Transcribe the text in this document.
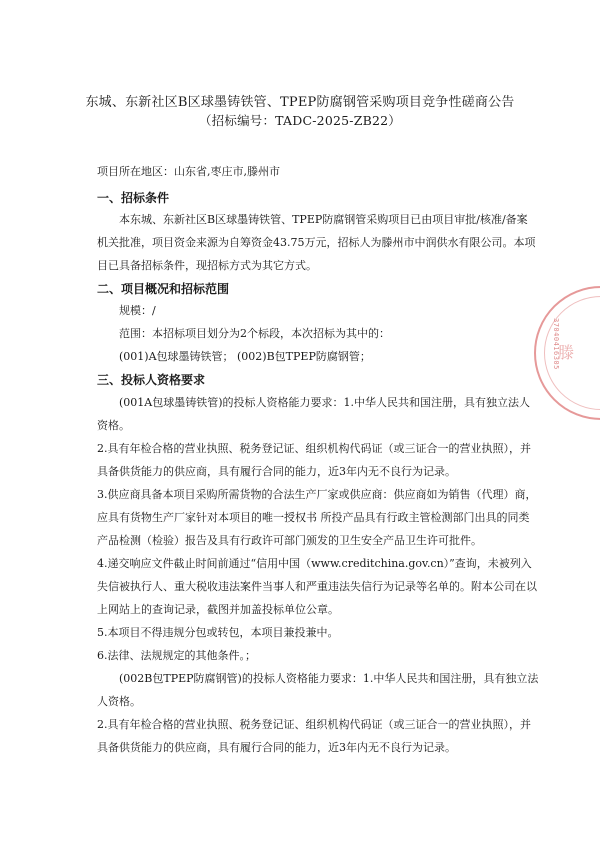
东城、东新社区B区球墨铸铁管、TPEP防腐钢管采购项目竞争性磋商公告
（招标编号：TADC-2025-ZB22）
项目所在地区：山东省,枣庄市,滕州市
一、招标条件
本东城、东新社区B区球墨铸铁管、TPEP防腐钢管采购项目已由项目审批/核准/备案
机关批准，项目资金来源为自筹资金43.75万元，招标人为滕州市中润供水有限公司。本项
目已具备招标条件，现招标方式为其它方式。
二、项目概况和招标范围
规模：/
范围：本招标项目划分为2个标段，本次招标为其中的：
(001)A包球墨铸铁管； (002)B包TPEP防腐钢管；
三、投标人资格要求
(001A包球墨铸铁管)的投标人资格能力要求：1.中华人民共和国注册，具有独立法人
资格。
2.具有年检合格的营业执照、税务登记证、组织机构代码证（或三证合一的营业执照），并
具备供货能力的供应商，具有履行合同的能力，近3年内无不良行为记录。
3.供应商具备本项目采购所需货物的合法生产厂家或供应商：供应商如为销售（代理）商，
应具有货物生产厂家针对本项目的唯一授权书 所投产品具有行政主管检测部门出具的同类
产品检测（检验）报告及具有行政许可部门颁发的卫生安全产品卫生许可批件。
4.递交响应文件截止时间前通过“信用中国（www.creditchina.gov.cn）”查询，未被列入
失信被执行人、重大税收违法案件当事人和严重违法失信行为记录等名单的。附本公司在以
上网站上的查询记录，截图并加盖投标单位公章。
5.本项目不得违规分包或转包，本项目兼投兼中。
6.法律、法规规定的其他条件。；
(002B包TPEP防腐钢管)的投标人资格能力要求：1.中华人民共和国注册，具有独立法
人资格。
2.具有年检合格的营业执照、税务登记证、组织机构代码证（或三证合一的营业执照），并
具备供货能力的供应商，具有履行合同的能力，近3年内无不良行为记录。
37040416305
滕
